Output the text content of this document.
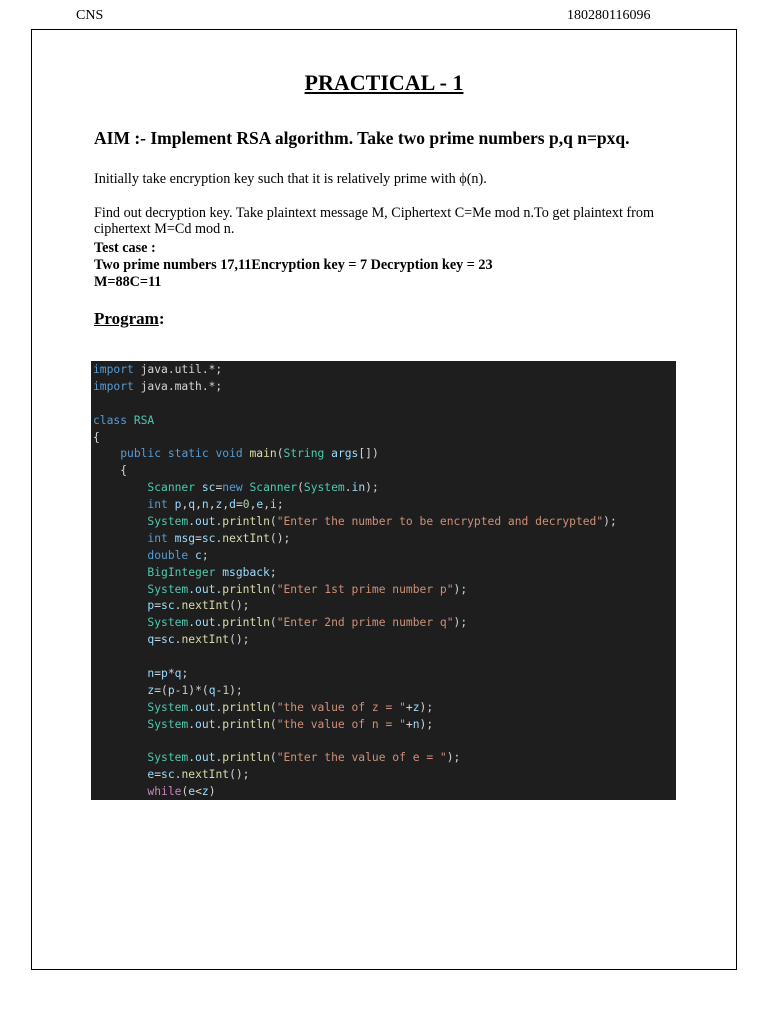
CNS	180280116096
PRACTICAL - 1
AIM :- Implement RSA algorithm. Take two prime numbers p,q n=pxq.
Initially take encryption key such that it is relatively prime with ϕ(n).
Find out decryption key. Take plaintext message M, Ciphertext C=Me mod n.To get plaintext from ciphertext M=Cd mod n.
Test case :
Two prime numbers 17,11Encryption key = 7 Decryption key = 23
M=88C=11
Program:
import java.util.*;
import java.math.*;

class RSA
{
public static void main(String args[])
{
Scanner sc=new Scanner(System.in);
int p,q,n,z,d=0,e,i;
System.out.println("Enter the number to be encrypted and decrypted");
int msg=sc.nextInt();
double c;
BigInteger msgback;
System.out.println("Enter 1st prime number p");
p=sc.nextInt();
System.out.println("Enter 2nd prime number q");
q=sc.nextInt();

n=p*q;
z=(p-1)*(q-1);
System.out.println("the value of z = "+z);
System.out.println("the value of n = "+n);

System.out.println("Enter the value of e = ");
e=sc.nextInt();
while(e<z)
